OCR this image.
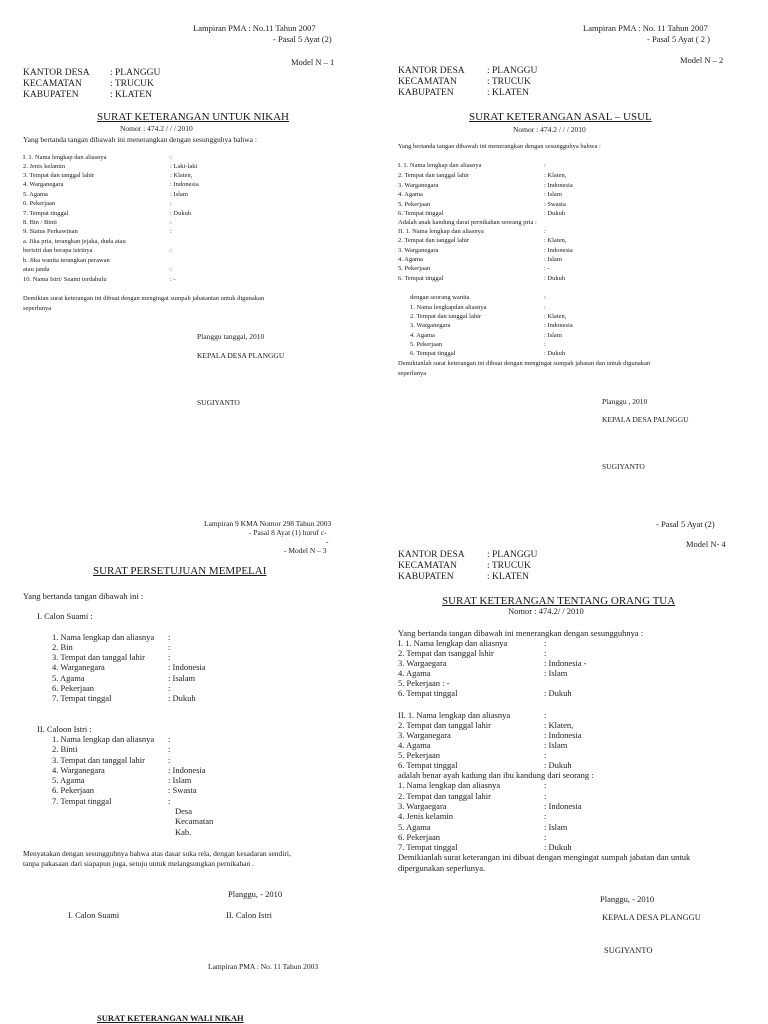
Lampiran PMA : No.11 Tahun 2007
- Pasal 5 Ayat (2)
Model N – 1
KANTOR DESA : PLANGGU
KECAMATAN	: TRUCUK
KABUPATEN	: KLATEN
SURAT KETERANGAN UNTUK NIKAH
Nomor : 474.2 / / / 2010
Yang bertanda tangan dibawah ini menerangkan dengan sesungguhya bahwa :
I. 1. Nama lengkap dan aliasnya	:
2. Jenis kelamin	: Laki-laki
3. Tempat dan tanggal lahir	: Klaten,
4. Warganegara	: Indonesia
5. Agama	: Islam
6. Pekerjaan	:
7. Tempat tinggal	: Dukuh
8. Bin / Binti	:
9. Status Perkawinan	:
a. Jika pria, terangkan jejaka, duda atau
beristri dan berapa istrinya	:
b. Jika wanita terangkan perawan
atau janda	:
10. Nama Istri/ Suami terdahulu	: -
Demikian surat keterangan ini dibuat dengan mengingat sumpah jabatantan untuk digunakan
seperlunya
Planggu tanggal, 2010
KEPALA DESA PLANGGU
SUGIYANTO
Lampiran PMA : No. 11 Tahun 2007
- Pasal 5 Ayat ( 2 )
Model N – 2
KANTOR DESA : PLANGGU
KECAMATAN	: TRUCUK
KABUPATEN	: KLATEN
SURAT KETERANGAN ASAL – USUL
Nomor : 474.2 / / / 2010
Yang bertanda tangan dibawah ini menerangkan dengan sesungguhya bahwa :
I. 1. Nama lengkap dan aliasnya	:
2. Tempat dan tanggal lahir	: Klaten,
3. Warganegara	: Indonesia
4. Agama	: Islam
5. Pekerjaan	: Swasta
6. Tempat tinggal	: Dukuh
Adalah anak kandung darai pernikahan seorang pria :
II. 1. Nama lengkap dan aliasnya	:
2. Tempat dan tanggal lahir	: Klaten,
3. Warganegara	: Indonesia
4. Agama	: Islam
5. Pekerjaan	: -
6. Tempat tinggal	: Dukuh
dengan seorang wanita	:
1. Nama lengkapdan aliasnya	:
2. Tempat dan tanggal lahir	: Klaten,
3. Warganegara	: Indonesia
4. Agama	: Islam
5. Pekerjaan	:
6. Tempat tinggal	: Dukuh
Demikianlah surat keterangan ini dibuat dengan mengingat sumpah jabatan dan untuk digunakan
seperlunya
Planggu , 2010
KEPALA DESA PALNGGU
SUGIYANTO
Lampiran 9 KMA Nomor 298 Tahun 2003
- Pasal 8 Ayat (1) huruf c-
-
- Model N – 3
SURAT PERSETUJUAN MEMPELAI
Yang bertanda tangan dibawah ini :
I. Calon Suami :
1. Nama lengkap dan aliasnya :
2. Bin	:
3. Tempat dan tanggal lahir	:
4. Warganegara	: Indonesia
5. Agama	: Isalam
6. Pekerjaan	:
7. Tempat tinggal	: Dukuh
II. Caloon Istri :
1. Nama lengkap dan aliasnya :
2. Binti	:
3. Tempat dan tanggal lahir	:
4. Warganegara	: Indonesia
5. Agama	: Islam
6. Pekerjaan	: Swasta
7. Tempat tinggal	:
Desa
Kecamatan
Kab.
Menyatakan dengan sesungguhnya bahwa atas dasar suka rela, dengan kesadaran sendiri,
tanpa pakasaan dari siapapun juga, setuju untuk melangsungkan pernikahan .
Planggu, - 2010
I. Calon Suami	II. Calon Istri
Lampiran PMA : No. 11 Tahun 2003
SURAT KETERANGAN WALI NIKAH
- Pasal 5 Ayat (2)
Model N- 4
KANTOR DESA : PLANGGU
KECAMATAN	: TRUCUK
KABUPATEN	: KLATEN
SURAT KETERANGAN TENTANG ORANG TUA
Nomor : 474.2/ / 2010
Yang bertanda tangan dibawah ini menerangkan dengan sesungguhnya :
I. 1. Nama lengkap dan aliasnya	:
2. Tempat dan tsanggal lshir	:
3. Wargaegara	: Indonesia -
4. Agama	: Islam
5. Pekerjaan : -
6. Tempat tinggal	: Dukuh
II. 1. Nama lengkap dan aliasnya	:
2. Tempat dan tanggal lahir	: Klaten,
3. Warganegara	: Indonesia
4. Agama	: Islam
5. Pekerjaan	:
6. Tempat tinggal	: Dukuh
adalah benar ayah kadung dan ibu kandung dari seorang :
1. Nama lengkap dan aliasnya	:
2. Tempat dan tanggal lahir	:
3. Wargaegara	: Indonesia
4. Jenis kelamin	:
5. Agama	: Islam
6. Pekerjaan	:
7. Tempat tinggal	: Dukuh
Demikianlah surat keterangan ini dibuat dengan mengingat sumpah jabatan dan untuk
dipergunakan seperlunya.
Planggu, - 2010
KEPALA DESA PLANGGU
SUGIYANTO
